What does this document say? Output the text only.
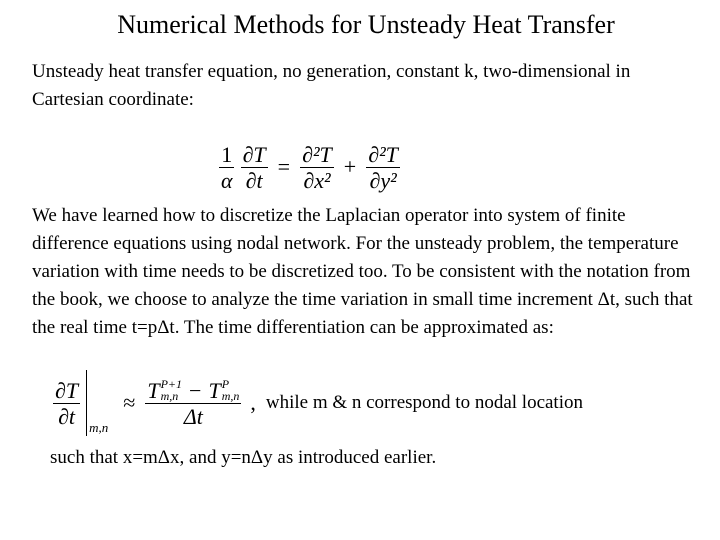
Numerical Methods for Unsteady Heat Transfer
Unsteady heat transfer equation, no generation, constant k, two-dimensional in Cartesian coordinate:
$\frac{1}{\alpha} \frac{\partial T}{\partial t} = \frac{\text{∂²T}}{\text{∂x²}} + \frac{\text{∂²T}}{\text{∂y²}}$
We have learned how to discretize the Laplacian operator into system of finite difference equations using nodal network. For the unsteady problem, the temperature variation with time needs to be discretized too. To be consistent with the notation from the book, we choose to analyze the time variation in small time increment Δt, such that the real time t=pΔt. The time differentiation can be approximated as:
$\frac{\partial T}{\partial t} m,n$
≈ T P+1
m,n − T P
m,n
Δt
, while m & n correspond to nodal location
such that x=mΔx, and y=nΔy as introduced earlier.
